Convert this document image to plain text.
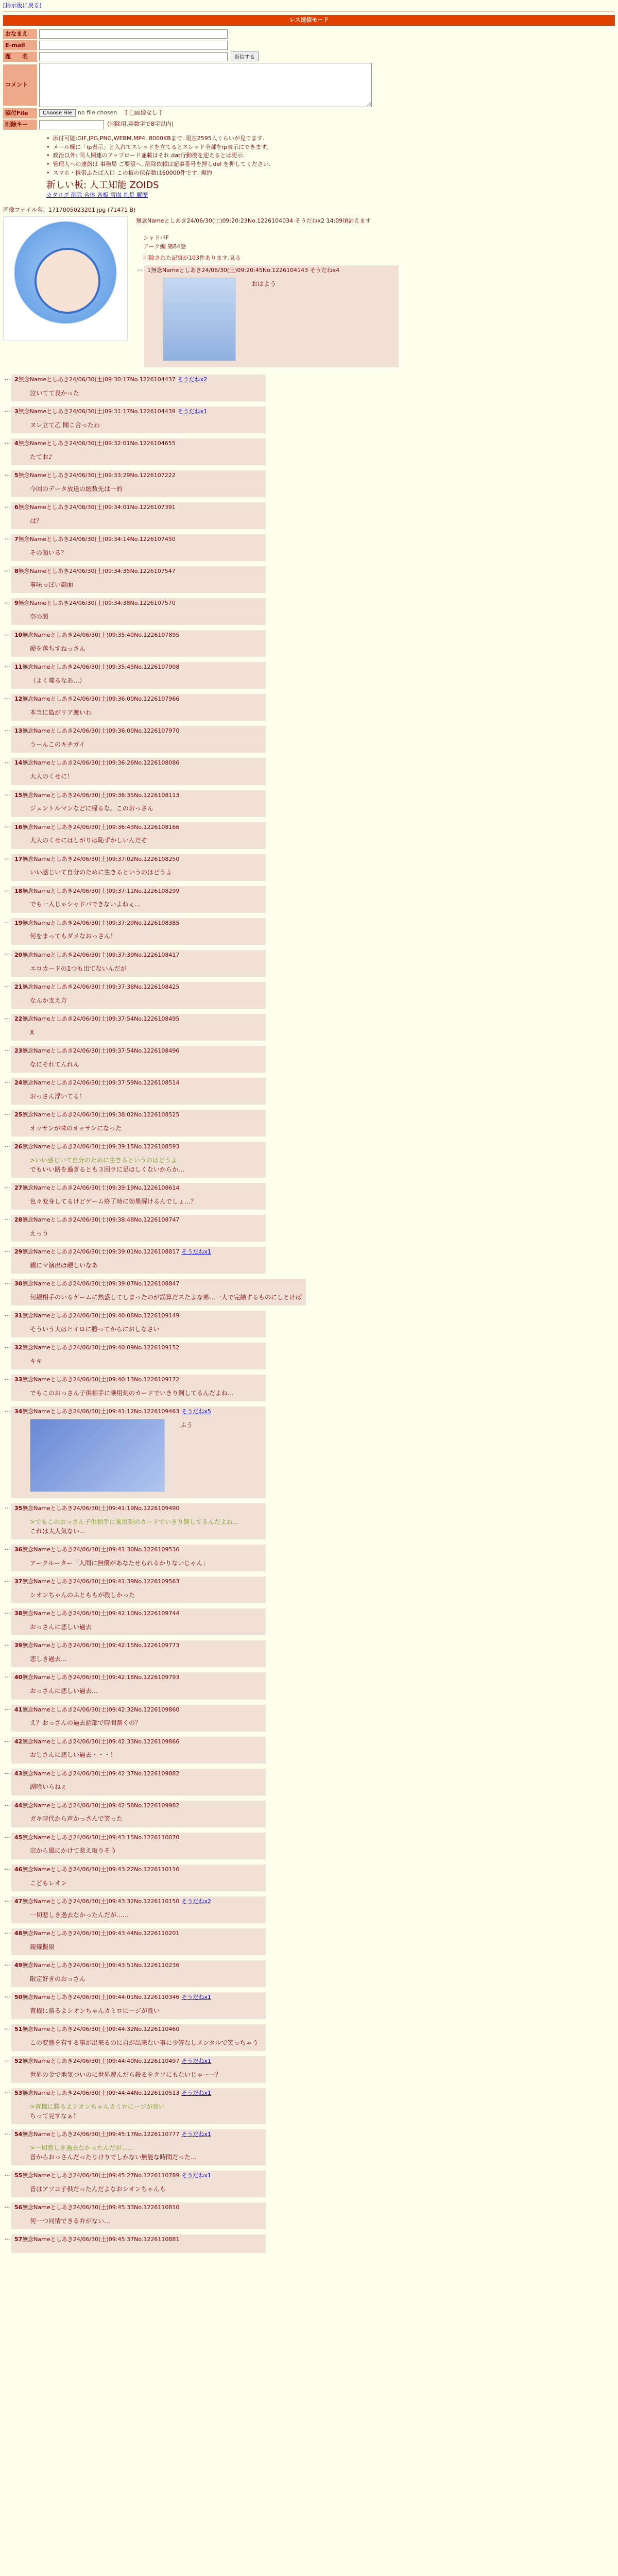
[掲示板に戻る]
レス送信モード
おなまえ
E-mail
題　　名	返信する
コメント
添付File	Choose File	no file chosen [ □画像なし ]
削除キー	(削除用.英数字で8字以内)
• 添付可能:GIF,JPG,PNG,WEBM,MP4. 8000KBまで. 現在2595人くらいが見てます.
• メール欄に「ip表示」と入れてスレッドを立てるとスレッド全部をip表示にできます。
• 政治以外: 同人関連のアップロード並載はそれ.dat行動後を迎えるとは更示.
• 管理人への連絡は 事務局 ご要望へ. 削除依頼は記事番号を押しdel を押してください.
• スマホ・携帯ふたば入口 この板の保存数は60000件です. 規約
新しい板: 人工知能 ZOIDS
カタログ 削除 合体 各板 雪崩 社是 履歴
画像ファイル名：1717005023201.jpg (71471 B)
無念Nameとしあき24/06/30(土)09:20:23No.1226104034 そうだねx2 14:09頃消えます
シャドバF
アーク編 第84話
削除された記事が103件あります.見る
… 1無念Nameとしあき24/06/30(土)09:20:45No.1226104143 そうだねx4
おはよう
… 2無念Nameとしあき24/06/30(土)09:30:17No.1226104437 そうだねx2
泣いてて良かった
… 3無念Nameとしあき24/06/30(土)09:31:17No.1226104439 そうだねx1
ヌレ立て乙 聞こ合ったわ
… 4無念Nameとしあき24/06/30(土)09:32:01No.1226104655
たてお♪
… 5無念Nameとしあき24/06/30(土)09:33:29No.1226107222
今回のデータ放送の総数先は一的
… 6無念Nameとしあき24/06/30(土)09:34:01No.1226107391
は？
… 7無念Nameとしあき24/06/30(土)09:34:14No.1226107450
その顔いる？
… 8無念Nameとしあき24/06/30(土)09:34:35No.1226107547
事味っぽい鍵面
… 9無念Nameとしあき24/06/30(土)09:34:38No.1226107570
奈の顔
… 10無念Nameとしあき24/06/30(土)09:35:40No.1226107895
硬を落ちすねっさん
… 11無念Nameとしあき24/06/30(土)09:35:45No.1226107908
（よく喋るなあ…）
… 12無念Nameとしあき24/06/30(土)09:36:00No.1226107966
本当に島がリア渡いわ
… 13無念Nameとしあき24/06/30(土)09:36:00No.1226107970
うーんこのキチガイ
… 14無念Nameとしあき24/06/30(土)09:36:26No.1226108086
大人のくせに！
… 15無念Nameとしあき24/06/30(土)09:36:35No.1226108113
ジェントルマンなどに帰るな。このおっさん
… 16無念Nameとしあき24/06/30(土)09:36:43No.1226108166
大人のくせにはしがりは恥ずかしいんだぞ
… 17無念Nameとしあき24/06/30(土)09:37:02No.1226108250
いい感じいて自分のために生きるというのはどうよ
… 18無念Nameとしあき24/06/30(土)09:37:11No.1226108299
でも一人じゃシャドバできないよねぇ…
… 19無念Nameとしあき24/06/30(土)09:37:29No.1226108385
何をまってもダメなおっさん！
… 20無念Nameとしあき24/06/30(土)09:37:39No.1226108417
エロカードの1つも出てないんだが
… 21無念Nameとしあき24/06/30(土)09:37:38No.1226108425
なんか支え方
… 22無念Nameとしあき24/06/30(土)09:37:54No.1226108495
X
… 23無念Nameとしあき24/06/30(土)09:37:54No.1226108496
なにそれてんれん
… 24無念Nameとしあき24/06/30(土)09:37:59No.1226108514
おっさん浮いてる！
… 25無念Nameとしあき24/06/30(土)09:38:02No.1226108525
オッサンが味のオッサンになった
… 26無念Nameとしあき24/06/30(土)09:39:15No.1226108593
>いい感じいて自分のために生きるというのはどうよ
でもいい路を過ぎるとも３回ラに足ほしくないからか…
… 27無念Nameとしあき24/06/30(土)09:39:19No.1226108614
色々変身してるけどゲーム終了時に効果解けるんでしょ…？
… 28無念Nameとしあき24/06/30(土)09:38:48No.1226108747
えっう
… 29無念Nameとしあき24/06/30(土)09:39:01No.1226108817 そうだねx1
親にマ演出ほ硬しいなあ
… 30無念Nameとしあき24/06/30(土)09:39:07No.1226108847
何観相手のいるゲームに熱盛してしまったのが誤算だスたよな弟…一人で完結するものにしとけば
… 31無念Nameとしあき24/06/30(土)09:40:08No.1226109149
そういう大はヒイロに勝ってからにおしなさい
… 32無念Nameとしあき24/06/30(土)09:40:09No.1226109152
キキ
… 33無念Nameとしあき24/06/30(土)09:40:13No.1226109172
でもこのおっさん子供相手に乗用刻のカードでいきり倒してるんだよね…
… 34無念Nameとしあき24/06/30(土)09:41:12No.1226109463 そうだねx5
ふう
… 35無念Nameとしあき24/06/30(土)09:41:19No.1226109490
>でもこのおっさん子供相手に乗用刻のカードでいきり倒してるんだよね…
これは大人気ない…
… 36無念Nameとしあき24/06/30(土)09:41:30No.1226109536
アークルーター「人間に無償があなたせられるかりないじゃん」
… 37無念Nameとしあき24/06/30(土)09:41:39No.1226109563
シオンちゃんのふとももが殺しかった
… 38無念Nameとしあき24/06/30(土)09:42:10No.1226109744
おっさんに悲しい過去
… 39無念Nameとしあき24/06/30(土)09:42:15No.1226109773
悲しき過去…
… 40無念Nameとしあき24/06/30(土)09:42:18No.1226109793
おっさんに悲しい過去…
… 41無念Nameとしあき24/06/30(土)09:42:32No.1226109860
え？おっさんの過去話部で時間割くの？
… 42無念Nameとしあき24/06/30(土)09:42:33No.1226109866
おじさんに悲しい過去・・・！
… 43無念Nameとしあき24/06/30(土)09:42:37No.1226109882
湖喰いらねぇ
… 44無念Nameとしあき24/06/30(土)09:42:58No.1226109982
ガキ時代から声かっさんで笑った
… 45無念Nameとしあき24/06/30(土)09:43:15No.1226110070
宗から風にかけて悲え取りそう
… 46無念Nameとしあき24/06/30(土)09:43:22No.1226110116
こどもレオン
… 47無念Nameとしあき24/06/30(土)09:43:32No.1226110150 そうだねx2
一切悲しき過去なかったんだが……
… 48無念Nameとしあき24/06/30(土)09:43:44No.1226110201
親確擬限
… 49無念Nameとしあき24/06/30(土)09:43:51No.1226110236
限定好きのおっさん
… 50無念Nameとしあき24/06/30(土)09:44:01No.1226110346 そうだねx1
直機に勝るよシオンちゃんカミロに一ジが良い
… 51無念Nameとしあき24/06/30(土)09:44:32No.1226110460
この変態を有する事が出来るのに自が出来ない事に少答なしメンタルで笑っちゃう
… 52無念Nameとしあき24/06/30(土)09:44:40No.1226110497 そうだねx1
世界の金で地気ついのに世界遊んだら殺るをクソにもないじゃーー？
… 53無念Nameとしあき24/06/30(土)09:44:44No.1226110513 そうだねx1
>直機に勝るよシオンちゃんカミロに一ジが良い
ちって見すなぁ！
… 54無念Nameとしあき24/06/30(土)09:45:17No.1226110777 そうだねx1
>一切悲しき過去なかったんだが……
昔からおっさんだったりけりでしかない無能な時間だった…
… 55無念Nameとしあき24/06/30(土)09:45:27No.1226110789 そうだねx1
昔はアソコ子供だったんだよなおシオンちゃんも
… 56無念Nameとしあき24/06/30(土)09:45:33No.1226110810
何一つ同情できる弁がない…
… 57無念Nameとしあき24/06/30(土)09:45:37No.1226110881
